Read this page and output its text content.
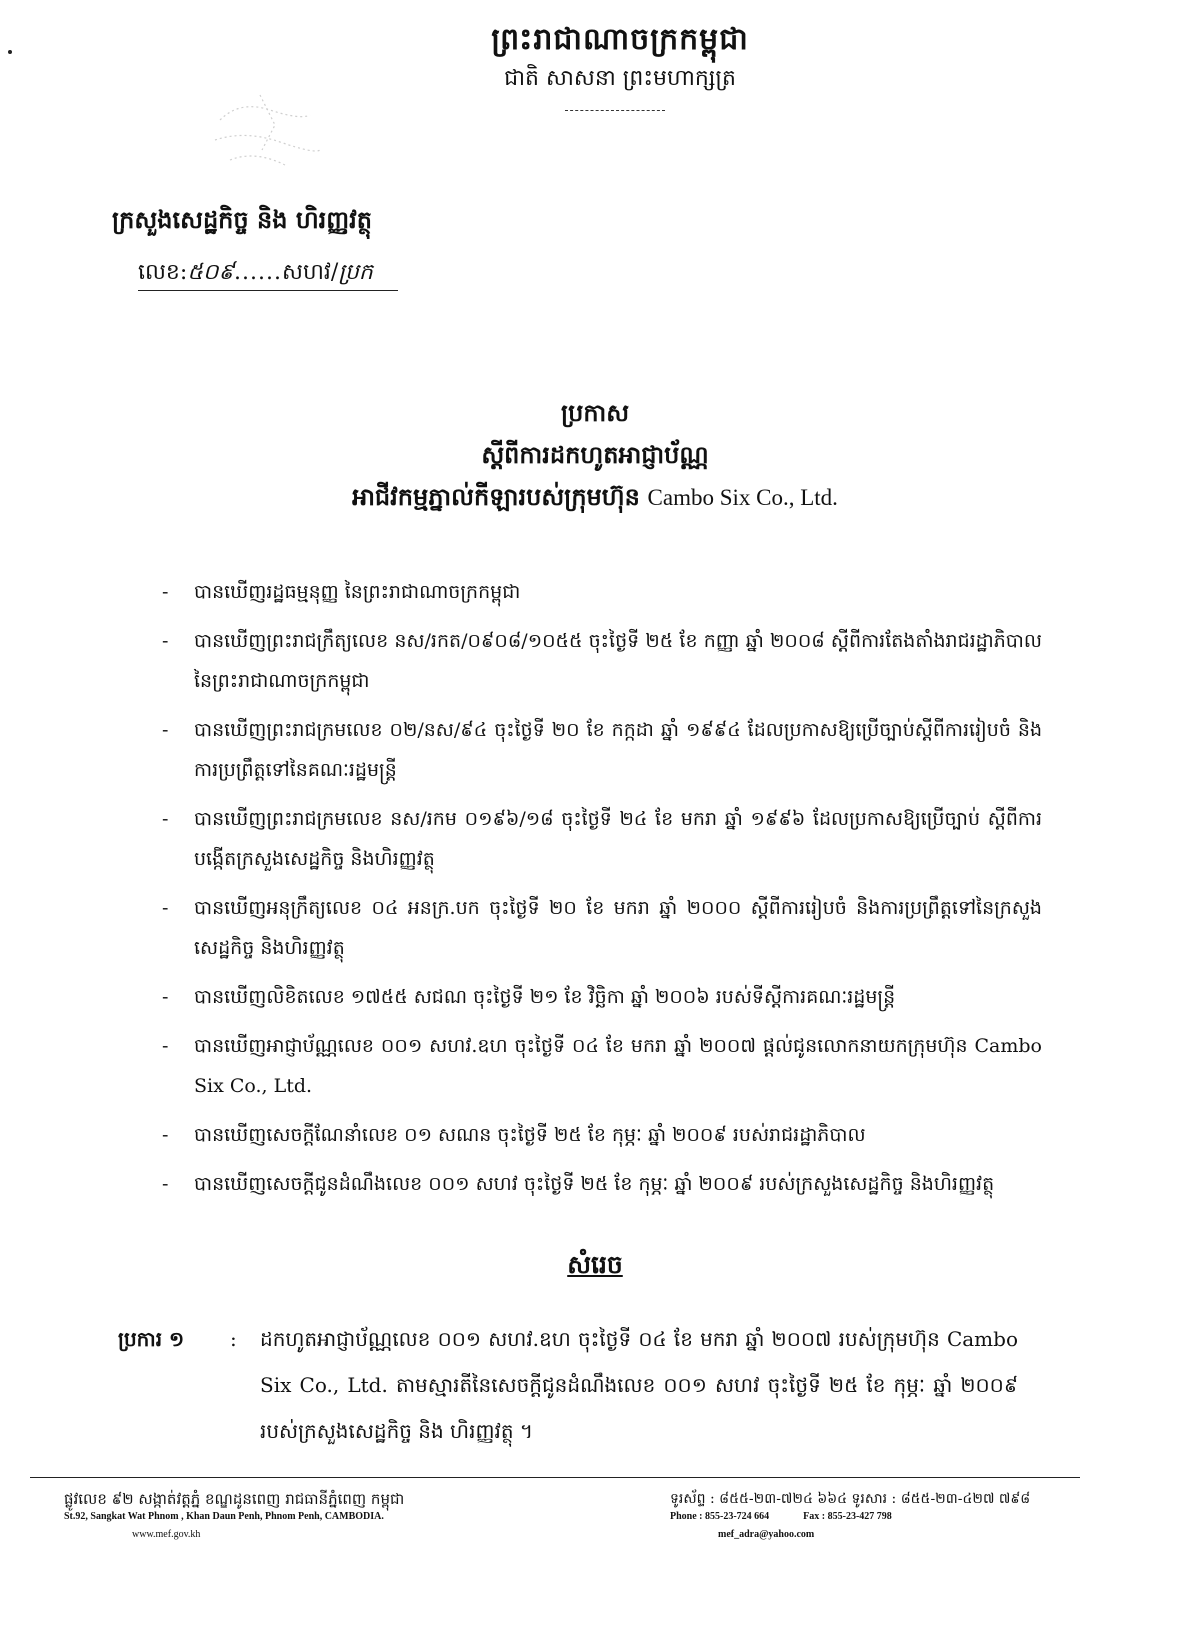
ព្រះរាជាណាចក្រកម្ពុជា
ជាតិ សាសនា ព្រះមហាក្សត្រ
ក្រសួងសេដ្ឋកិច្ច និង ហិរញ្ញវត្ថុ
លេខ:៥០៩......សហវ/ប្រក
ប្រកាស
ស្តីពីការដកហូតអាជ្ញាប័ណ្ណ
អាជីវកម្មភ្នាល់កីឡារបស់ក្រុមហ៊ុន Cambo Six Co., Ltd.
- បានឃើញរដ្ឋធម្មនុញ្ញ នៃព្រះរាជាណាចក្រកម្ពុជា
- បានឃើញព្រះរាជក្រឹត្យលេខ នស/រកត/០៩០៨/១០៥៥ ចុះថ្ងៃទី ២៥ ខែ កញ្ញា ឆ្នាំ ២០០៨ ស្តីពីការតែងតាំងរាជរដ្ឋាភិបាល នៃព្រះរាជាណាចក្រកម្ពុជា
- បានឃើញព្រះរាជក្រមលេខ ០២/នស/៩៤ ចុះថ្ងៃទី ២០ ខែ កក្កដា ឆ្នាំ ១៩៩៤ ដែលប្រកាសឱ្យប្រើច្បាប់ស្តីពីការរៀបចំ និងការប្រព្រឹត្តទៅនៃគណៈរដ្ឋមន្ត្រី
- បានឃើញព្រះរាជក្រមលេខ នស/រកម ០១៩៦/១៨ ចុះថ្ងៃទី ២៤ ខែ មករា ឆ្នាំ ១៩៩៦ ដែលប្រកាសឱ្យប្រើច្បាប់ ស្តីពីការបង្កើតក្រសួងសេដ្ឋកិច្ច និងហិរញ្ញវត្ថុ
- បានឃើញអនុក្រឹត្យលេខ ០៤ អនក្រ.បក ចុះថ្ងៃទី ២០ ខែ មករា ឆ្នាំ ២០០០ ស្តីពីការរៀបចំ និងការប្រព្រឹត្តទៅនៃក្រសួងសេដ្ឋកិច្ច និងហិរញ្ញវត្ថុ
- បានឃើញលិខិតលេខ ១៧៥៥ សជណ ចុះថ្ងៃទី ២១ ខែ វិច្ឆិកា ឆ្នាំ ២០០៦ របស់ទីស្តីការគណៈរដ្ឋមន្ត្រី
- បានឃើញអាជ្ញាប័ណ្ណលេខ ០០១ សហវ.ឧហ ចុះថ្ងៃទី ០៤ ខែ មករា ឆ្នាំ ២០០៧ ផ្តល់ជូនលោកនាយកក្រុមហ៊ុន Cambo Six Co., Ltd.
- បានឃើញសេចក្តីណែនាំលេខ ០១ សណន ចុះថ្ងៃទី ២៥ ខែ កុម្ភៈ ឆ្នាំ ២០០៩ របស់រាជរដ្ឋាភិបាល
- បានឃើញសេចក្តីជូនដំណឹងលេខ ០០១ សហវ ចុះថ្ងៃទី ២៥ ខែ កុម្ភៈ ឆ្នាំ ២០០៩ របស់ក្រសួងសេដ្ឋកិច្ច និងហិរញ្ញវត្ថុ
សំរេច
ប្រការ ១ : ដកហូតអាជ្ញាប័ណ្ណលេខ ០០១ សហវ.ឧហ ចុះថ្ងៃទី ០៤ ខែ មករា ឆ្នាំ ២០០៧ របស់ក្រុមហ៊ុន Cambo Six Co., Ltd. តាមស្មារតីនៃសេចក្តីជូនដំណឹងលេខ ០០១ សហវ ចុះថ្ងៃទី ២៥ ខែ កុម្ភៈ ឆ្នាំ ២០០៩ របស់ក្រសួងសេដ្ឋកិច្ច និង ហិរញ្ញវត្ថុ ។
ផ្លូវលេខ ៩២ សង្កាត់វត្តភ្នំ ខណ្ឌដូនពេញ រាជធានីភ្នំពេញ កម្ពុជា
St.92, Sangkat Wat Phnom , Khan Daun Penh, Phnom Penh, CAMBODIA.
www.mef.gov.kh
ទូរស័ព្ទ : ៨៥៥-២៣-៧២៤ ៦៦៤ ទូរសារ : ៨៥៥-២៣-៤២៧ ៧៩៨
Phone : 855-23-724 664	Fax : 855-23-427 798
mef_adra@yahoo.com
